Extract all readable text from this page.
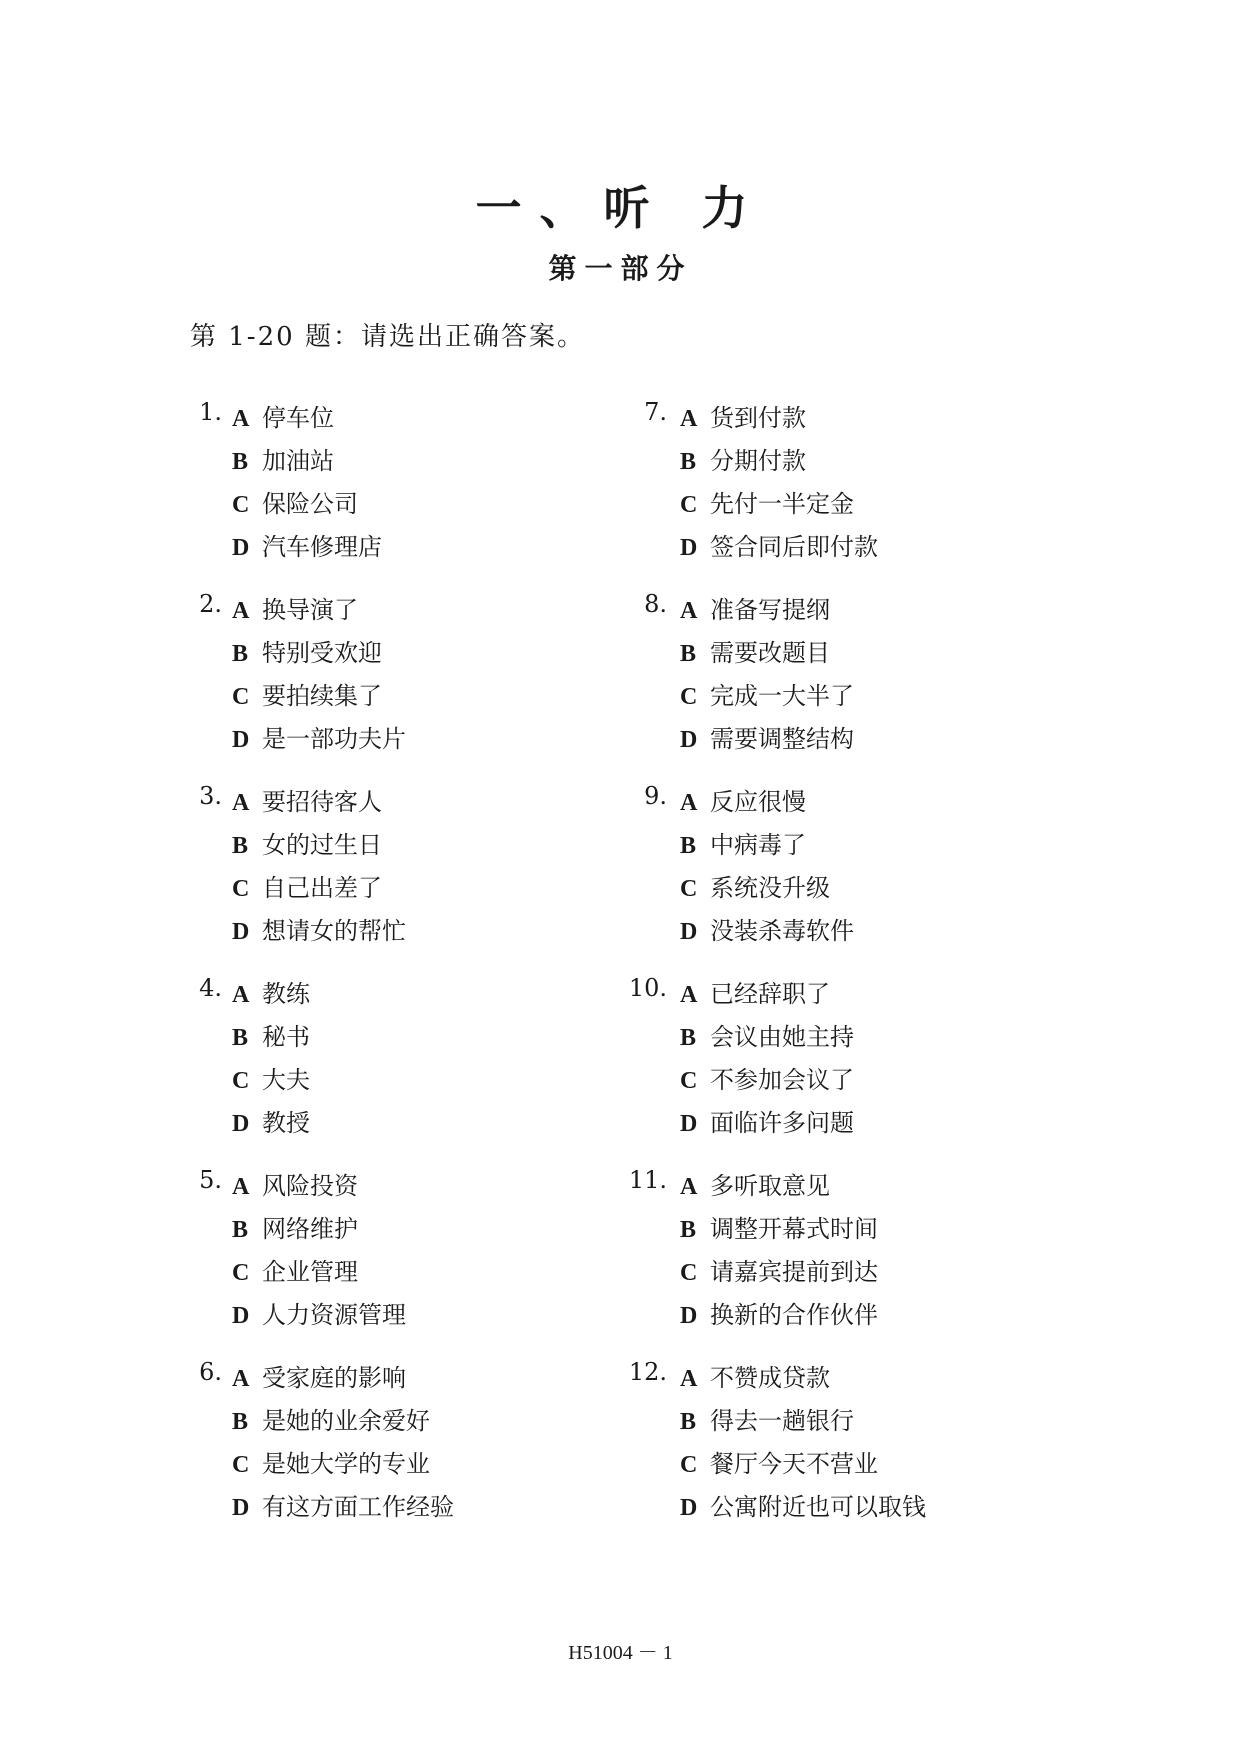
一、听 力
第一部分
第 1-20 题：请选出正确答案。
1. A 停车位
B 加油站
C 保险公司
D 汽车修理店
2. A 换导演了
B 特别受欢迎
C 要拍续集了
D 是一部功夫片
3. A 要招待客人
B 女的过生日
C 自己出差了
D 想请女的帮忙
4. A 教练
B 秘书
C 大夫
D 教授
5. A 风险投资
B 网络维护
C 企业管理
D 人力资源管理
6. A 受家庭的影响
B 是她的业余爱好
C 是她大学的专业
D 有这方面工作经验
7. A 货到付款
B 分期付款
C 先付一半定金
D 签合同后即付款
8. A 准备写提纲
B 需要改题目
C 完成一大半了
D 需要调整结构
9. A 反应很慢
B 中病毒了
C 系统没升级
D 没装杀毒软件
10. A 已经辞职了
B 会议由她主持
C 不参加会议了
D 面临许多问题
11. A 多听取意见
B 调整开幕式时间
C 请嘉宾提前到达
D 换新的合作伙伴
12. A 不赞成贷款
B 得去一趟银行
C 餐厅今天不营业
D 公寓附近也可以取钱
H51004 － 1
